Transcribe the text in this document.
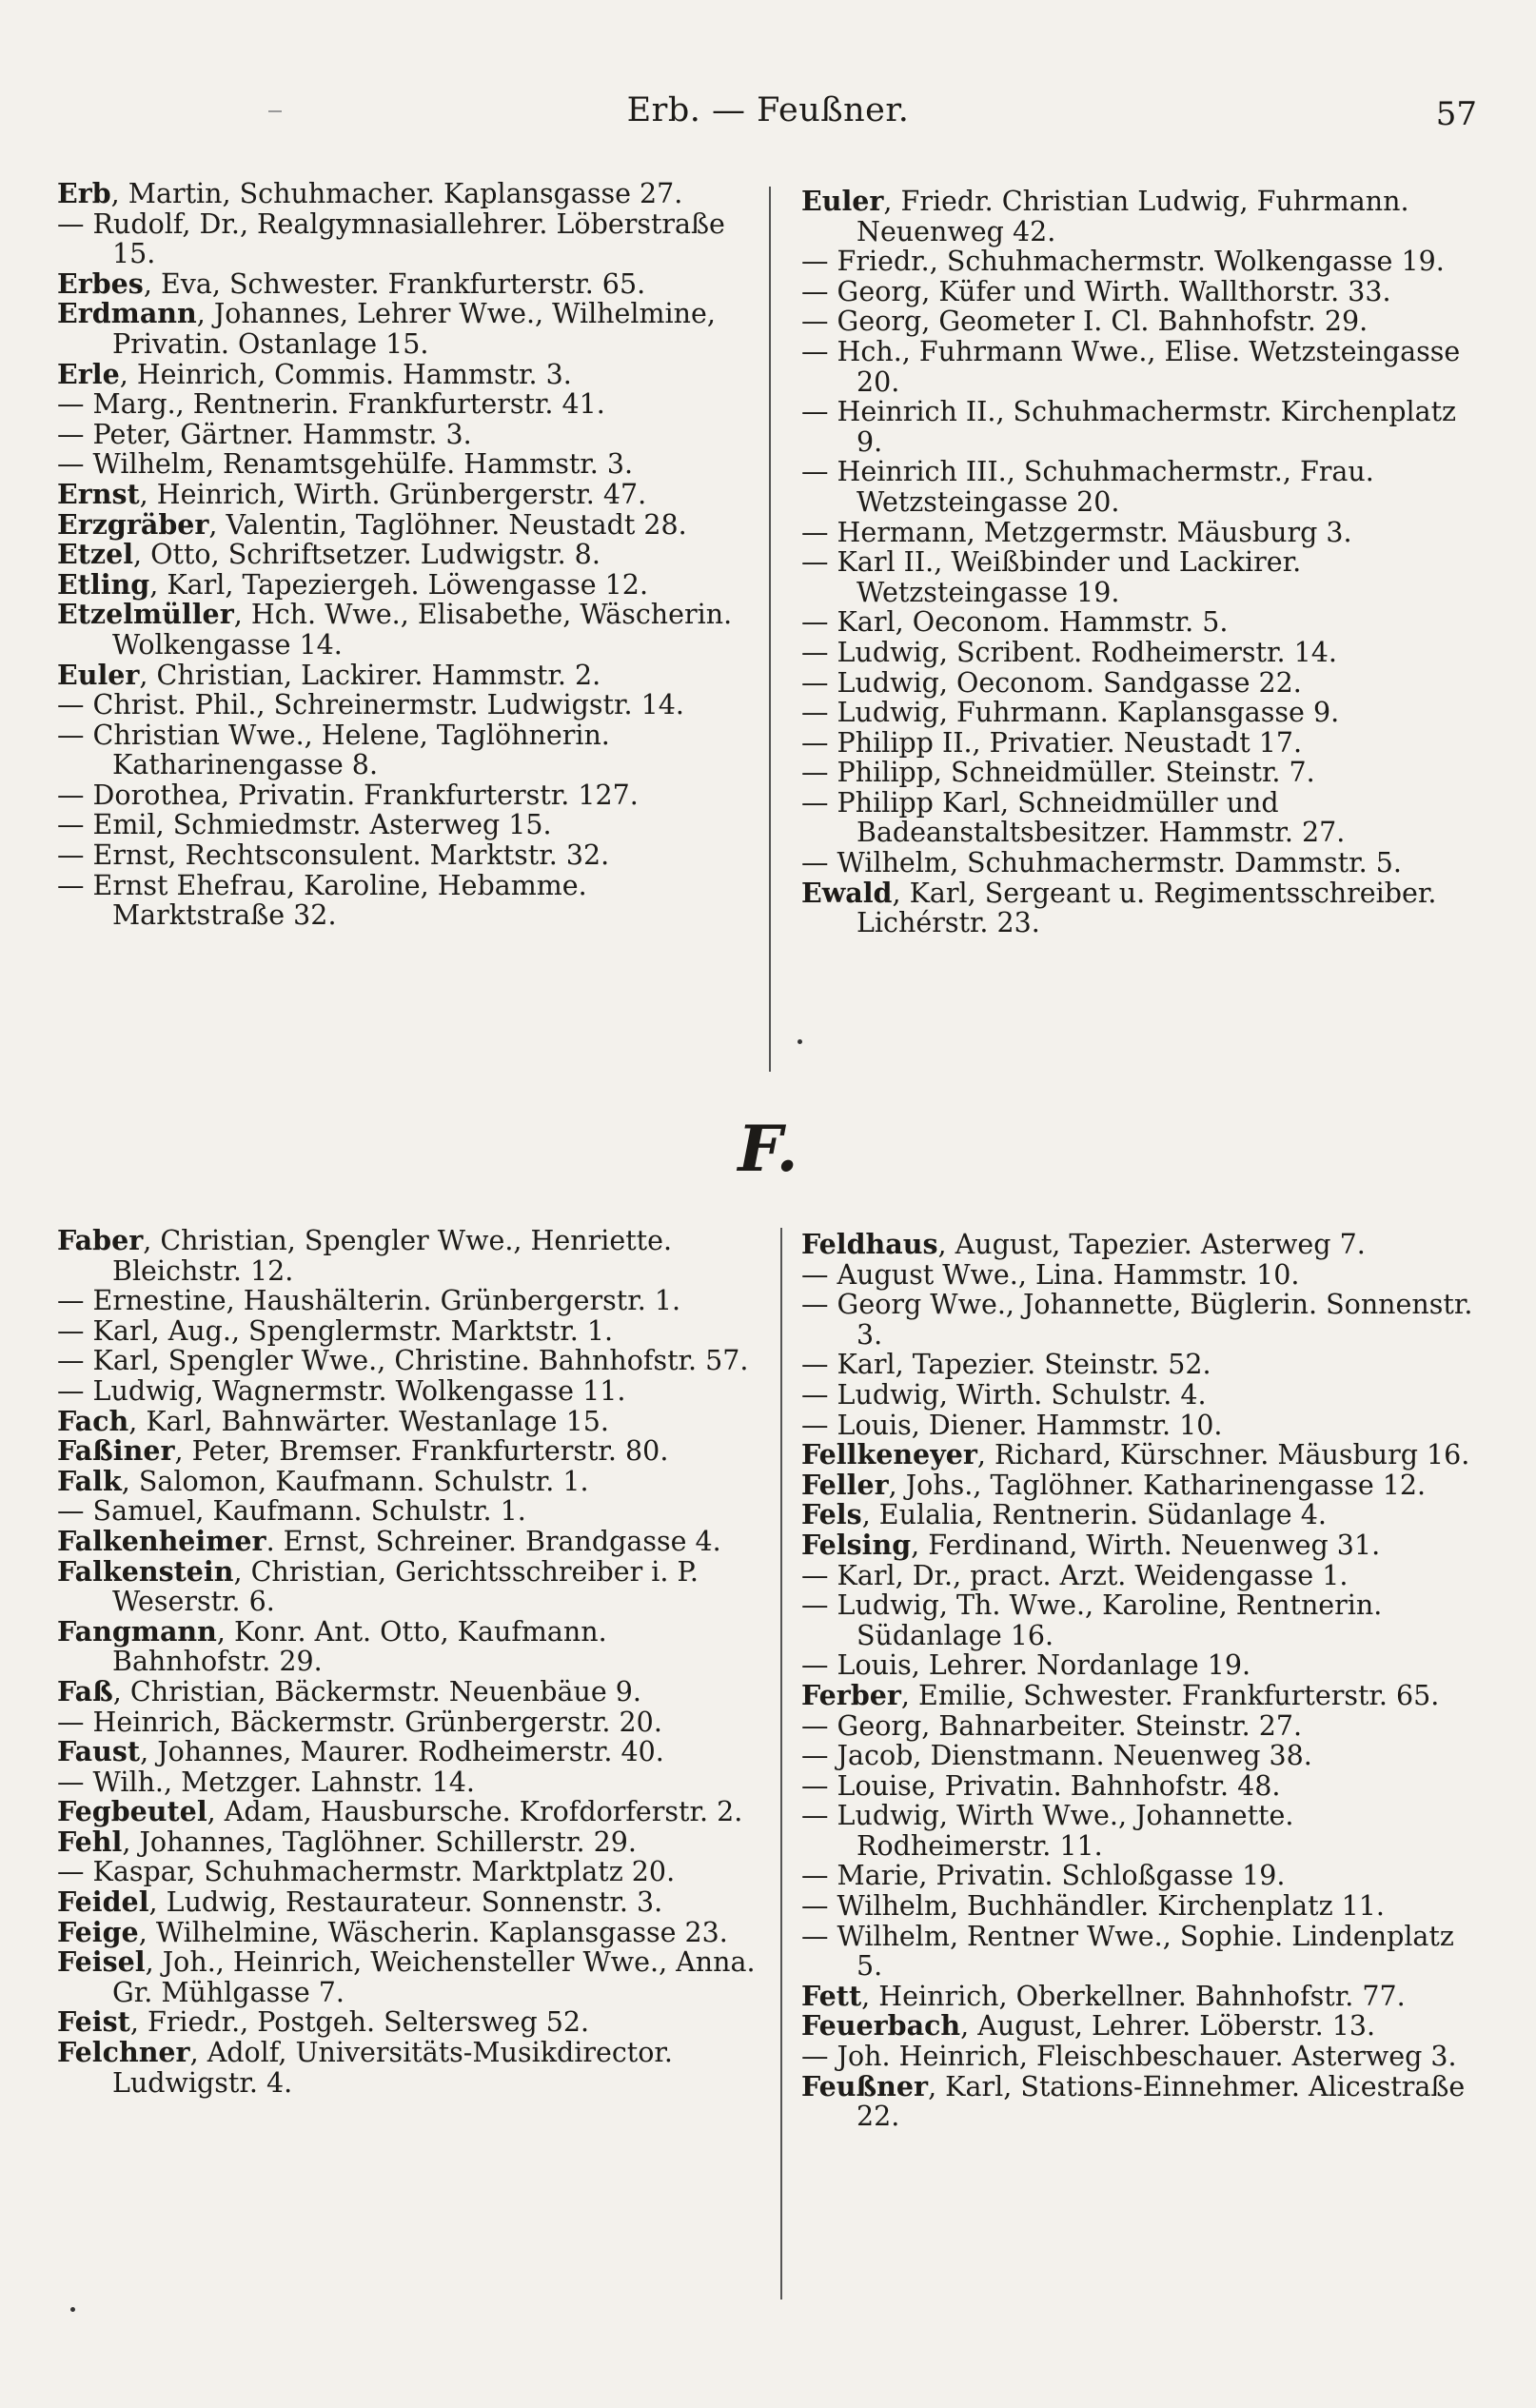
Erb. — Feußner.	57
Erb, Martin, Schuhmacher. Kaplansgasse 27.
— Rudolf, Dr., Realgymnasiallehrer. Löberstraße 15.
Erbes, Eva, Schwester. Frankfurterstr. 65.
Erdmann, Johannes, Lehrer Wwe., Wilhelmine, Privatin. Ostanlage 15.
Erle, Heinrich, Commis. Hammstr. 3.
— Marg., Rentnerin. Frankfurterstr. 41.
— Peter, Gärtner. Hammstr. 3.
— Wilhelm, Renamtsgehülfe. Hammstr. 3.
Ernst, Heinrich, Wirth. Grünbergerstr. 47.
Erzgräber, Valentin, Taglöhner. Neustadt 28.
Etzel, Otto, Schriftsetzer. Ludwigstr. 8.
Etling, Karl, Tapeziergeh. Löwengasse 12.
Etzelmüller, Hch. Wwe., Elisabethe, Wäscherin. Wolkengasse 14.
Euler, Christian, Lackirer. Hammstr. 2.
— Christ. Phil., Schreinermstr. Ludwigstr. 14.
— Christian Wwe., Helene, Taglöhnerin. Katharinengasse 8.
— Dorothea, Privatin. Frankfurterstr. 127.
— Emil, Schmiedmstr. Asterweg 15.
— Ernst, Rechtsconsulent. Marktstr. 32.
— Ernst Ehefrau, Karoline, Hebamme. Marktstraße 32.
Euler, Friedr. Christian Ludwig, Fuhrmann. Neuenweg 42.
— Friedr., Schuhmachermstr. Wolkengasse 19.
— Georg, Küfer und Wirth. Wallthorstr. 33.
— Georg, Geometer I. Cl. Bahnhofstr. 29.
— Hch., Fuhrmann Wwe., Elise. Wetzsteingasse 20.
— Heinrich II., Schuhmachermstr. Kirchenplatz 9.
— Heinrich III., Schuhmachermstr., Frau. Wetzsteingasse 20.
— Hermann, Metzgermstr. Mäusburg 3.
— Karl II., Weißbinder und Lackirer. Wetzsteingasse 19.
— Karl, Oeconom. Hammstr. 5.
— Ludwig, Scribent. Rodheimerstr. 14.
— Ludwig, Oeconom. Sandgasse 22.
— Ludwig, Fuhrmann. Kaplansgasse 9.
— Philipp II., Privatier. Neustadt 17.
— Philipp, Schneidmüller. Steinstr. 7.
— Philipp Karl, Schneidmüller und Badeanstaltsbesitzer. Hammstr. 27.
— Wilhelm, Schuhmachermstr. Dammstr. 5.
Ewald, Karl, Sergeant u. Regimentsschreiber. Lichérstr. 23.
F.
Faber, Christian, Spengler Wwe., Henriette. Bleichstr. 12.
— Ernestine, Haushälterin. Grünbergerstr. 1.
— Karl, Aug., Spenglermstr. Marktstr. 1.
— Karl, Spengler Wwe., Christine. Bahnhofstr. 57.
— Ludwig, Wagnermstr. Wolkengasse 11.
Fach, Karl, Bahnwärter. Westanlage 15.
Faßiner, Peter, Bremser. Frankfurterstr. 80.
Falk, Salomon, Kaufmann. Schulstr. 1.
— Samuel, Kaufmann. Schulstr. 1.
Falkenheimer. Ernst, Schreiner. Brandgasse 4.
Falkenstein, Christian, Gerichtsschreiber i. P. Weserstr. 6.
Fangmann, Konr. Ant. Otto, Kaufmann. Bahnhofstr. 29.
Faß, Christian, Bäckermstr. Neuenbäue 9.
— Heinrich, Bäckermstr. Grünbergerstr. 20.
Faust, Johannes, Maurer. Rodheimerstr. 40.
— Wilh., Metzger. Lahnstr. 14.
Fegbeutel, Adam, Hausbursche. Krofdorferstr. 2.
Fehl, Johannes, Taglöhner. Schillerstr. 29.
— Kaspar, Schuhmachermstr. Marktplatz 20.
Feidel, Ludwig, Restaurateur. Sonnenstr. 3.
Feige, Wilhelmine, Wäscherin. Kaplansgasse 23.
Feisel, Joh., Heinrich, Weichensteller Wwe., Anna. Gr. Mühlgasse 7.
Feist, Friedr., Postgeh. Seltersweg 52.
Felchner, Adolf, Universitäts-Musikdirector. Ludwigstr. 4.
Feldhaus, August, Tapezier. Asterweg 7.
— August Wwe., Lina. Hammstr. 10.
— Georg Wwe., Johannette, Büglerin. Sonnenstr. 3.
— Karl, Tapezier. Steinstr. 52.
— Ludwig, Wirth. Schulstr. 4.
— Louis, Diener. Hammstr. 10.
Fellkeneyer, Richard, Kürschner. Mäusburg 16.
Feller, Johs., Taglöhner. Katharinengasse 12.
Fels, Eulalia, Rentnerin. Südanlage 4.
Felsing, Ferdinand, Wirth. Neuenweg 31.
— Karl, Dr., pract. Arzt. Weidengasse 1.
— Ludwig, Th. Wwe., Karoline, Rentnerin. Südanlage 16.
— Louis, Lehrer. Nordanlage 19.
Ferber, Emilie, Schwester. Frankfurterstr. 65.
— Georg, Bahnarbeiter. Steinstr. 27.
— Jacob, Dienstmann. Neuenweg 38.
— Louise, Privatin. Bahnhofstr. 48.
— Ludwig, Wirth Wwe., Johannette. Rodheimerstr. 11.
— Marie, Privatin. Schloßgasse 19.
— Wilhelm, Buchhändler. Kirchenplatz 11.
— Wilhelm, Rentner Wwe., Sophie. Lindenplatz 5.
Fett, Heinrich, Oberkellner. Bahnhofstr. 77.
Feuerbach, August, Lehrer. Löberstr. 13.
— Joh. Heinrich, Fleischbeschauer. Asterweg 3.
Feußner, Karl, Stations-Einnehmer. Alicestraße 22.
